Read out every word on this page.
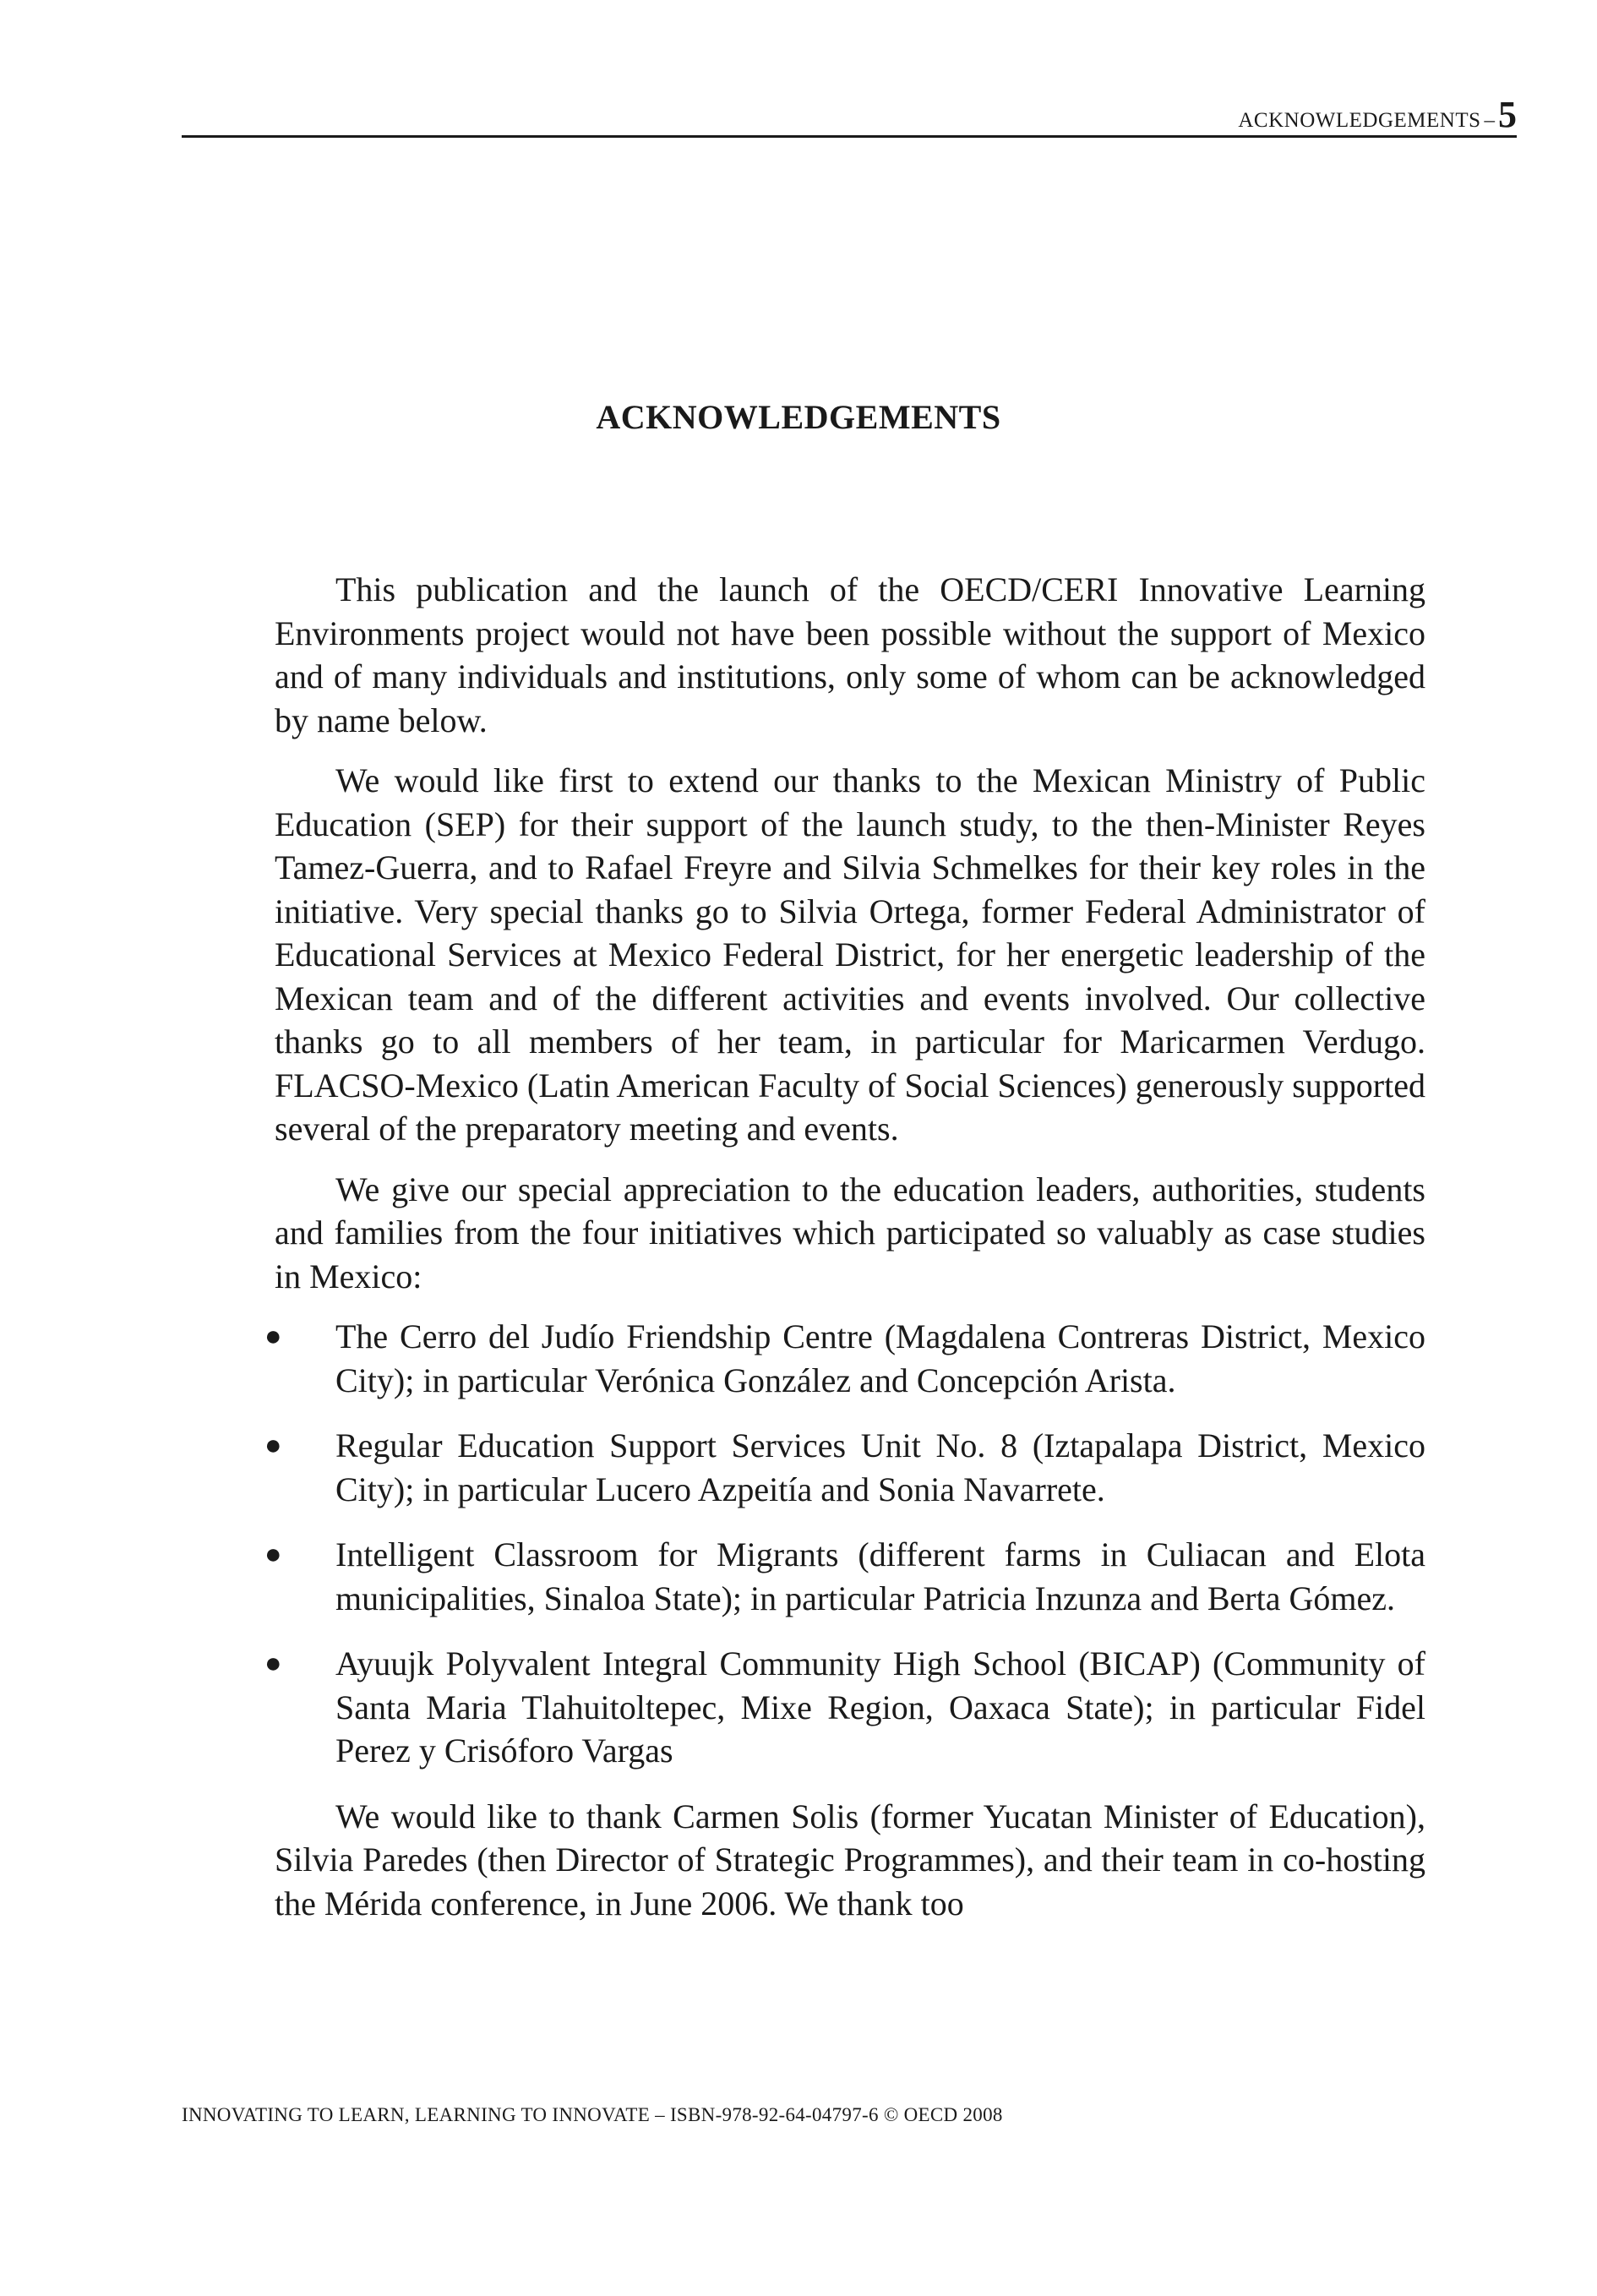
ACKNOWLEDGEMENTS –5
ACKNOWLEDGEMENTS

This publication and the launch of the OECD/CERI Innovative Learning Environments project would not have been possible without the support of Mexico and of many individuals and institutions, only some of whom can be acknowledged by name below.

We would like first to extend our thanks to the Mexican Ministry of Public Education (SEP) for their support of the launch study, to the then-Minister Reyes Tamez-Guerra, and to Rafael Freyre and Silvia Schmelkes for their key roles in the initiative. Very special thanks go to Silvia Ortega, former Federal Administrator of Educational Services at Mexico Federal District, for her energetic leadership of the Mexican team and of the different activities and events involved. Our collective thanks go to all members of her team, in particular for Maricarmen Verdugo. FLACSO-Mexico (Latin American Faculty of Social Sciences) generously supported several of the preparatory meeting and events.

We give our special appreciation to the education leaders, authorities, students and families from the four initiatives which participated so valuably as case studies in Mexico:

● The Cerro del Judío Friendship Centre (Magdalena Contreras District, Mexico City); in particular Verónica González and Concepción Arista.
● Regular Education Support Services Unit No. 8 (Iztapalapa District, Mexico City); in particular Lucero Azpeitía and Sonia Navarrete.
● Intelligent Classroom for Migrants (different farms in Culiacan and Elota municipalities, Sinaloa State); in particular Patricia Inzunza and Berta Gómez.
● Ayuujk Polyvalent Integral Community High School (BICAP) (Community of Santa Maria Tlahuitoltepec, Mixe Region, Oaxaca State); in particular Fidel Perez y Crisóforo Vargas

We would like to thank Carmen Solis (former Yucatan Minister of Education), Silvia Paredes (then Director of Strategic Programmes), and their team in co-hosting the Mérida conference, in June 2006. We thank too

INNOVATING TO LEARN, LEARNING TO INNOVATE – ISBN-978-92-64-04797-6 © OECD 2008
